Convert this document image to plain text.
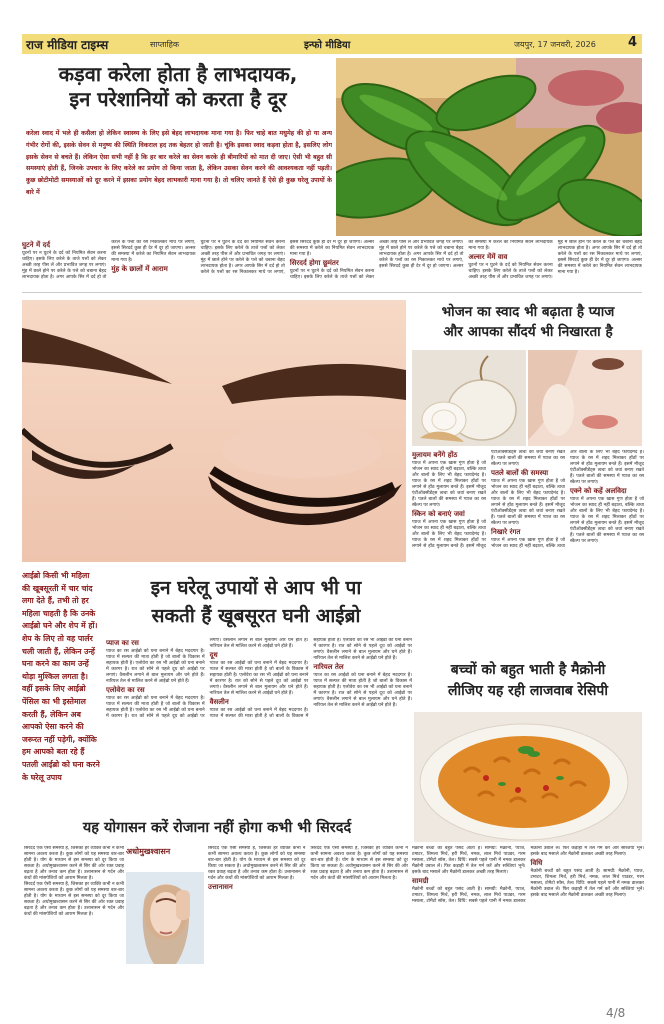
राज मीडिया टाइम्स	साप्ताहिक	इन्फो मीडिया	जयपुर, 17 जनवरी, 2026 4
कड़वा करेला होता है लाभदायक,
इन परेशानियों को करता है दूर
करेला स्वाद में भले ही कसैला हो लेकिन स्वास्थ्य के लिए इसे बेहद लाभदायक माना गया है। फिर चाहे बात मधुमेह की हो या अन्य गंभीर रोगों की, इसके सेवन से मनुष्य की स्थिति विकराल हद तक बेहतर हो जाती है। चूंकि इसका स्वाद कड़वा होता है, इसलिए लोग इसके सेवन से बचते हैं। लेकिन ऐसा सभी नहीं है कि हर बार करेले का सेवन करके ही बीमारियों को मात दी जाए। ऐसी भी बहुत सी समस्याएं होती हैं, जिनके उपचार के लिए करेले का प्रयोग तो किया जाता है, लेकिन उसका सेवन करने की आवश्यकता नहीं पड़ती। कुछ छोटीमोटी समस्याओं को दूर करने में इसका प्रयोग बेहद लाभकारी माना गया है। तो चलिए जानते हैं ऐसे ही कुछ घरेलू उपायों के बारे में
घुटने में दर्द
घुटनों पर न घुटने के दर्द को नियमित सेवन करना चाहिए। इसके लिए करेले के ताजे पत्तों को लेकर अच्छी तरह पीस लें और प्रभावित जगह पर लगाएं। मुंह में छाले होने पर करेले के पत्ते को चबाना बेहद लाभदायक होता है। अगर आपके सिर में दर्द हो तो करेले के पत्तों का रस निकालकर माथे पर लगाएं, इससे सिरदर्द कुछ ही देर में दूर हो जाएगा। अल्सर की समस्या में करेले का नियमित सेवन लाभदायक माना गया है।
मुंह के छालों में आराम
घुटनों पर न घुटने के दर्द को नियमित सेवन करना चाहिए। इसके लिए करेले के ताजे पत्तों को लेकर अच्छी तरह पीस लें और प्रभावित जगह पर लगाएं। मुंह में छाले होने पर करेले के पत्ते को चबाना बेहद लाभदायक होता है। अगर आपके सिर में दर्द हो तो करेले के पत्तों का रस निकालकर माथे पर लगाएं, इससे सिरदर्द कुछ ही देर में दूर हो जाएगा। अल्सर की समस्या में करेले का नियमित सेवन लाभदायक माना गया है।
सिरदर्द होगा छूमंतर
घुटनों पर न घुटने के दर्द को नियमित सेवन करना चाहिए। इसके लिए करेले के ताजे पत्तों को लेकर अच्छी तरह पीस लें और प्रभावित जगह पर लगाएं। मुंह में छाले होने पर करेले के पत्ते को चबाना बेहद लाभदायक होता है। अगर आपके सिर में दर्द हो तो करेले के पत्तों का रस निकालकर माथे पर लगाएं, इससे सिरदर्द कुछ ही देर में दूर हो जाएगा। अल्सर की समस्या में करेले का नियमित सेवन लाभदायक माना गया है।
अल्सर मेंमें वाव
घुटनों पर न घुटने के दर्द को नियमित सेवन करना चाहिए। इसके लिए करेले के ताजे पत्तों को लेकर अच्छी तरह पीस लें और प्रभावित जगह पर लगाएं। मुंह में छाले होने पर करेले के पत्ते को चबाना बेहद लाभदायक होता है। अगर आपके सिर में दर्द हो तो करेले के पत्तों का रस निकालकर माथे पर लगाएं, इससे सिरदर्द कुछ ही देर में दूर हो जाएगा। अल्सर की समस्या में करेले का नियमित सेवन लाभदायक माना गया है।
आईब्रो किसी भी महिला की खूबसूरती में चार चांद लगा देते हैं, तभी तो हर महिला चाहती है कि उनके आईब्रो घने और शेप में हों। शेप के लिए तो वह पार्लर चली जाती हैं, लेकिन उन्हें घना करने का काम उन्हें थोड़ा मुश्किल लगता है। वहीं इसके लिए आईब्रो पेंसिल का भी इस्तेमाल करती हैं, लेकिन अब आपको ऐसा करने की जरूरत नहीं पड़ेगी, क्योंकि हम आपको बता रहे हैं पतली आईब्रो को घना करने के घरेलू उपाय
इन घरेलू उपायों से आप भी पा
सकती हैं खूबसूरत घनी आईब्रो
प्याज का रस
प्याज का रस आईब्रो को घना बनाने में बेहद मददगार है। प्याज में सल्फर की मात्रा होती है जो बालों के विकास में सहायक होती है। एलोवेरा का रस भी आईब्रो को घना बनाने में कारगर है। रात को सोने से पहले दूध को आईब्रो पर लगाएं। वैसलीन लगाने से बाल मुलायम और घने होते हैं। नारियल तेल से मालिश करने से आईब्रो घने होते हैं।
एलोवेरा का रस
प्याज का रस आईब्रो को घना बनाने में बेहद मददगार है। प्याज में सल्फर की मात्रा होती है जो बालों के विकास में सहायक होती है। एलोवेरा का रस भी आईब्रो को घना बनाने में कारगर है। रात को सोने से पहले दूध को आईब्रो पर लगाएं। वैसलीन लगाने से बाल मुलायम और घने होते हैं। नारियल तेल से मालिश करने से आईब्रो घने होते हैं।
दूध
प्याज का रस आईब्रो को घना बनाने में बेहद मददगार है। प्याज में सल्फर की मात्रा होती है जो बालों के विकास में सहायक होती है। एलोवेरा का रस भी आईब्रो को घना बनाने में कारगर है। रात को सोने से पहले दूध को आईब्रो पर लगाएं। वैसलीन लगाने से बाल मुलायम और घने होते हैं। नारियल तेल से मालिश करने से आईब्रो घने होते हैं।
वैसलीन
प्याज का रस आईब्रो को घना बनाने में बेहद मददगार है। प्याज में सल्फर की मात्रा होती है जो बालों के विकास में सहायक होती है। एलोवेरा का रस भी आईब्रो को घना बनाने में कारगर है। रात को सोने से पहले दूध को आईब्रो पर लगाएं। वैसलीन लगाने से बाल मुलायम और घने होते हैं। नारियल तेल से मालिश करने से आईब्रो घने होते हैं।
नारियल तेल
प्याज का रस आईब्रो को घना बनाने में बेहद मददगार है। प्याज में सल्फर की मात्रा होती है जो बालों के विकास में सहायक होती है। एलोवेरा का रस भी आईब्रो को घना बनाने में कारगर है। रात को सोने से पहले दूध को आईब्रो पर लगाएं। वैसलीन लगाने से बाल मुलायम और घने होते हैं। नारियल तेल से मालिश करने से आईब्रो घने होते हैं।
भोजन का स्वाद भी बढ़ाता है प्याज
और आपका सौंदर्य भी निखारता है
मुलायम बनेंगे होंठ
प्याज में अपना एक खास गुण होता है जो भोजन का स्वाद ही नहीं बढ़ाता, बल्कि त्वचा और बालों के लिए भी बेहद फायदेमंद है। प्याज के रस में शहद मिलाकर होंठों पर लगाने से होंठ मुलायम बनते हैं। इसमें मौजूद एंटीऑक्सीडेंट्स त्वचा को जवां बनाए रखते हैं। पतले बालों की समस्या में प्याज का रस स्कैल्प पर लगाएं।
स्किन को बनाएं जवां
प्याज में अपना एक खास गुण होता है जो भोजन का स्वाद ही नहीं बढ़ाता, बल्कि त्वचा और बालों के लिए भी बेहद फायदेमंद है। प्याज के रस में शहद मिलाकर होंठों पर लगाने से होंठ मुलायम बनते हैं। इसमें मौजूद एंटीऑक्सीडेंट्स त्वचा को जवां बनाए रखते हैं। पतले बालों की समस्या में प्याज का रस स्कैल्प पर लगाएं।
पतले बालों की समस्या
प्याज में अपना एक खास गुण होता है जो भोजन का स्वाद ही नहीं बढ़ाता, बल्कि त्वचा और बालों के लिए भी बेहद फायदेमंद है। प्याज के रस में शहद मिलाकर होंठों पर लगाने से होंठ मुलायम बनते हैं। इसमें मौजूद एंटीऑक्सीडेंट्स त्वचा को जवां बनाए रखते हैं। पतले बालों की समस्या में प्याज का रस स्कैल्प पर लगाएं।
निखारे रंगत
प्याज में अपना एक खास गुण होता है जो भोजन का स्वाद ही नहीं बढ़ाता, बल्कि त्वचा और बालों के लिए भी बेहद फायदेमंद है। प्याज के रस में शहद मिलाकर होंठों पर लगाने से होंठ मुलायम बनते हैं। इसमें मौजूद एंटीऑक्सीडेंट्स त्वचा को जवां बनाए रखते हैं। पतले बालों की समस्या में प्याज का रस स्कैल्प पर लगाएं।
एक्ने को कहें अलविदा
प्याज में अपना एक खास गुण होता है जो भोजन का स्वाद ही नहीं बढ़ाता, बल्कि त्वचा और बालों के लिए भी बेहद फायदेमंद है। प्याज के रस में शहद मिलाकर होंठों पर लगाने से होंठ मुलायम बनते हैं। इसमें मौजूद एंटीऑक्सीडेंट्स त्वचा को जवां बनाए रखते हैं। पतले बालों की समस्या में प्याज का रस स्कैल्प पर लगाएं।
बच्चों को बहुत भाती है मैक्रोनी
लीजिए यह रही लाजवाब रेसिपी
मैक्रोनी बच्चों को बहुत पसंद आती है। सामग्री: मैक्रोनी, प्याज, टमाटर, शिमला मिर्च, हरी मिर्च, नमक, लाल मिर्च पाउडर, गरम मसाला, टोमैटो सॉस, तेल। विधि: सबसे पहले पानी में नमक डालकर मैक्रोनी उबाल लें। फिर कड़ाही में तेल गर्म करें और सब्जियां भूनें। इसके बाद मसाले और मैक्रोनी डालकर अच्छी तरह मिलाएं।
सामग्री
मैक्रोनी बच्चों को बहुत पसंद आती है। सामग्री: मैक्रोनी, प्याज, टमाटर, शिमला मिर्च, हरी मिर्च, नमक, लाल मिर्च पाउडर, गरम मसाला, टोमैटो सॉस, तेल। विधि: सबसे पहले पानी में नमक डालकर मैक्रोनी उबाल लें। फिर कड़ाही में तेल गर्म करें और सब्जियां भूनें। इसके बाद मसाले और मैक्रोनी डालकर अच्छी तरह मिलाएं।
विधि
मैक्रोनी बच्चों को बहुत पसंद आती है। सामग्री: मैक्रोनी, प्याज, टमाटर, शिमला मिर्च, हरी मिर्च, नमक, लाल मिर्च पाउडर, गरम मसाला, टोमैटो सॉस, तेल। विधि: सबसे पहले पानी में नमक डालकर मैक्रोनी उबाल लें। फिर कड़ाही में तेल गर्म करें और सब्जियां भूनें। इसके बाद मसाले और मैक्रोनी डालकर अच्छी तरह मिलाएं।
यह योगासन करें रोजाना नहीं होगा कभी भी सिरदर्द
सिरदर्द एक ऐसी समस्या है, जिसका हर व्यक्ति कभी न कभी सामना अवश्य करता है। कुछ लोगों को यह समस्या बार-बार होती है। योग के माध्यम से इस समस्या को दूर किया जा सकता है। अधोमुखश्वासन करने से सिर की ओर रक्त प्रवाह बढ़ता है और तनाव कम होता है। उत्तानासन से गर्दन और कंधों की मांसपेशियों को आराम मिलता है।
सिरदर्द एक ऐसी समस्या है, जिसका हर व्यक्ति कभी न कभी सामना अवश्य करता है। कुछ लोगों को यह समस्या बार-बार होती है। योग के माध्यम से इस समस्या को दूर किया जा सकता है। अधोमुखश्वासन करने से सिर की ओर रक्त प्रवाह बढ़ता है और तनाव कम होता है। उत्तानासन से गर्दन और कंधों की मांसपेशियों को आराम मिलता है।
अधोमुखश्वासन	सिरदर्द एक ऐसी समस्या है, जिसका हर व्यक्ति कभी न कभी सामना अवश्य करता है। कुछ लोगों को यह समस्या बार-बार होती है। योग के माध्यम से इस समस्या को दूर किया जा सकता है। अधोमुखश्वासन करने से सिर की ओर रक्त प्रवाह बढ़ता है और तनाव कम होता है। उत्तानासन से गर्दन और कंधों की मांसपेशियों को आराम मिलता है।
उत्तानासन
सिरदर्द एक ऐसी समस्या है, जिसका हर व्यक्ति कभी न कभी सामना अवश्य करता है। कुछ लोगों को यह समस्या बार-बार होती है। योग के माध्यम से इस समस्या को दूर किया जा सकता है। अधोमुखश्वासन करने से सिर की ओर रक्त प्रवाह बढ़ता है और तनाव कम होता है। उत्तानासन से गर्दन और कंधों की मांसपेशियों को आराम मिलता है।
4/8
